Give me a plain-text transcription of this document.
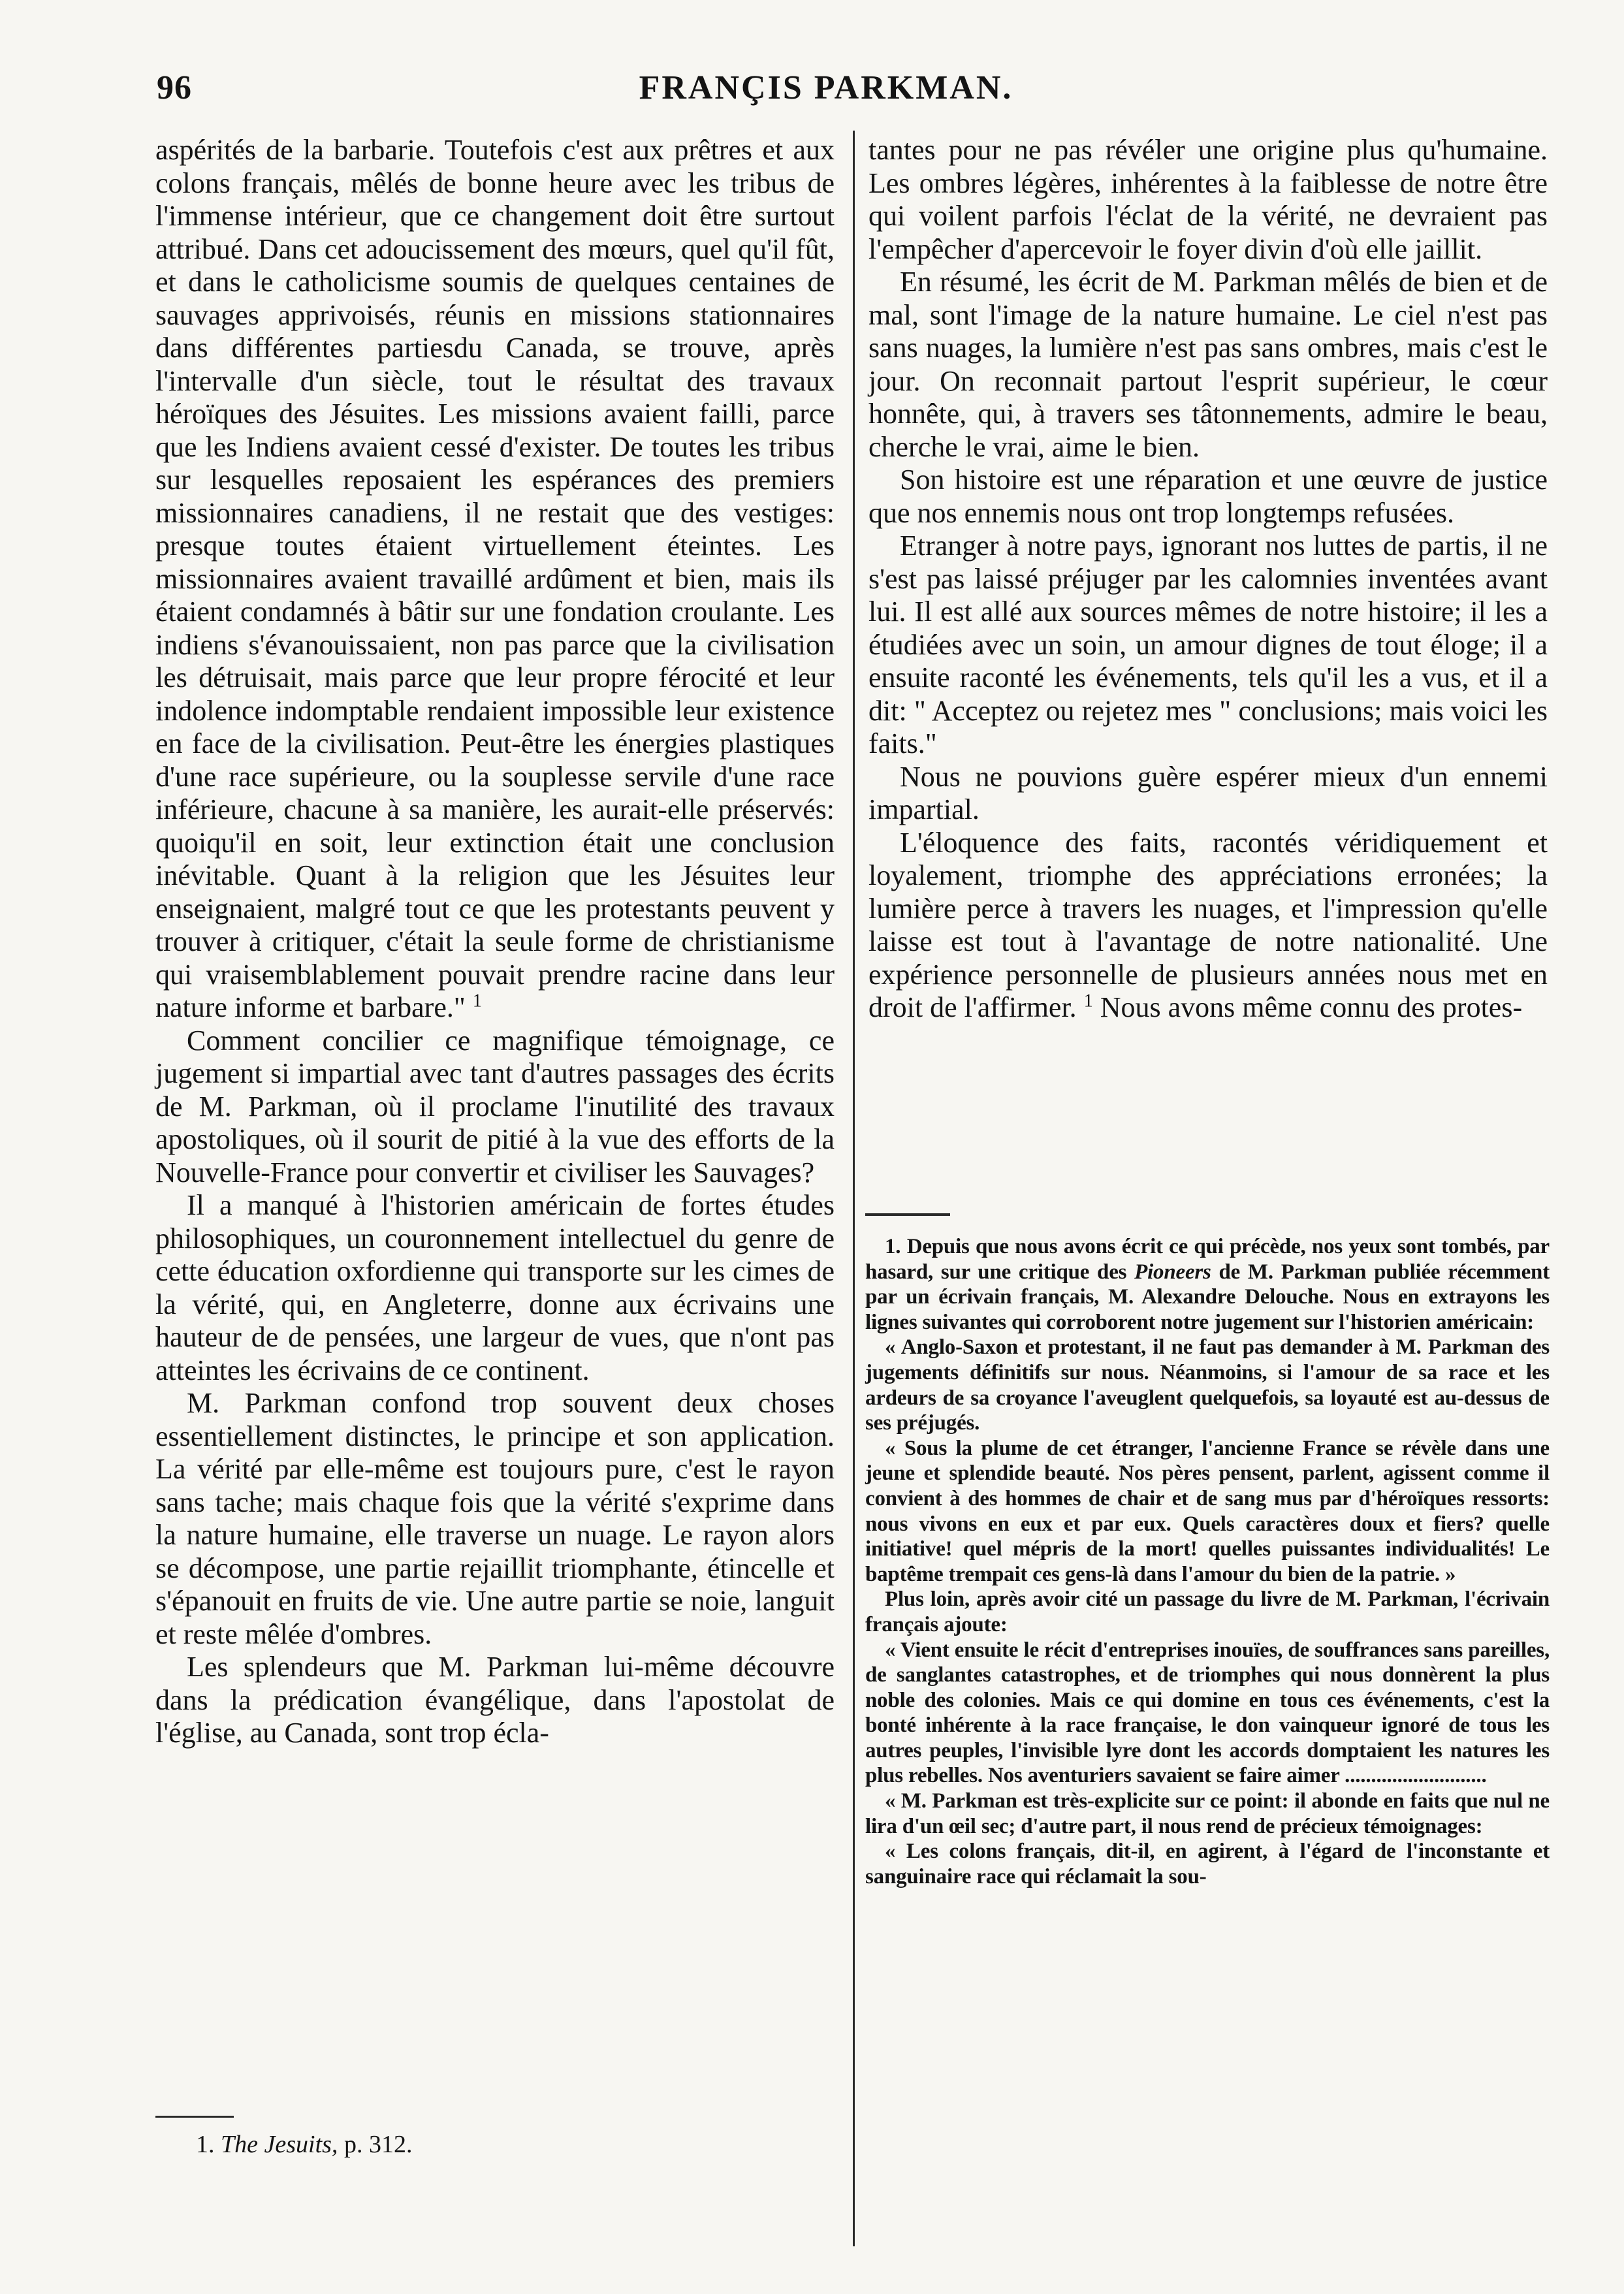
96	FRANÇIS PARKMAN.

aspérités de la barbarie. Toutefois c'est aux prêtres et aux colons français, mêlés de bonne heure avec les tribus de l'immense intérieur, que ce changement doit être surtout attribué. Dans cet adoucissement des mœurs, quel qu'il fût, et dans le catholicisme soumis de quelques centaines de sauvages apprivoisés, réunis en missions stationnaires dans différentes partiesdu Canada, se trouve, après l'intervalle d'un siècle, tout le résultat des travaux héroïques des Jésuites. Les missions avaient failli, parce que les Indiens avaient cessé d'exister. De toutes les tribus sur lesquelles reposaient les espérances des premiers missionnaires canadiens, il ne restait que des vestiges: presque toutes étaient virtuellement éteintes. Les missionnaires avaient travaillé ardûment et bien, mais ils étaient condamnés à bâtir sur une fondation croulante. Les indiens s'évanouissaient, non pas parce que la civilisation les détruisait, mais parce que leur propre férocité et leur indolence indomptable rendaient impossible leur existence en face de la civilisation. Peut-être les énergies plastiques d'une race supérieure, ou la souplesse servile d'une race inférieure, chacune à sa manière, les aurait-elle préservés: quoiqu'il en soit, leur extinction était une conclusion inévitable. Quant à la religion que les Jésuites leur enseignaient, malgré tout ce que les protestants peuvent y trouver à critiquer, c'était la seule forme de christianisme qui vraisemblablement pouvait prendre racine dans leur nature informe et barbare." $^1$

Comment concilier ce magnifique témoignage, ce jugement si impartial avec tant d'autres passages des écrits de M. Parkman, où il proclame l'inutilité des travaux apostoliques, où il sourit de pitié à la vue des efforts de la Nouvelle-France pour convertir et civiliser les Sauvages?

Il a manqué à l'historien américain de fortes études philosophiques, un couronnement intellectuel du genre de cette éducation oxfordienne qui transporte sur les cimes de la vérité, qui, en Angleterre, donne aux écrivains une hauteur de de pensées, une largeur de vues, que n'ont pas atteintes les écrivains de ce continent.

M. Parkman confond trop souvent deux choses essentiellement distinctes, le principe et son application. La vérité par elle-même est toujours pure, c'est le rayon sans tache; mais chaque fois que la vérité s'exprime dans la nature humaine, elle traverse un nuage. Le rayon alors se décompose, une partie rejaillit triomphante, étincelle et s'épanouit en fruits de vie. Une autre partie se noie, languit et reste mêlée d'ombres.

Les splendeurs que M. Parkman lui-même découvre dans la prédication évangélique, dans l'apostolat de l'église, au Canada, sont trop écla-

1. The Jesuits, p. 312.

tantes pour ne pas révéler une origine plus qu'humaine. Les ombres légères, inhérentes à la faiblesse de notre être qui voilent parfois l'éclat de la vérité, ne devraient pas l'empêcher d'apercevoir le foyer divin d'où elle jaillit.

En résumé, les écrit de M. Parkman mêlés de bien et de mal, sont l'image de la nature humaine. Le ciel n'est pas sans nuages, la lumière n'est pas sans ombres, mais c'est le jour. On reconnait partout l'esprit supérieur, le cœur honnête, qui, à travers ses tâtonnements, admire le beau, cherche le vrai, aime le bien.

Son histoire est une réparation et une œuvre de justice que nos ennemis nous ont trop longtemps refusées.

Etranger à notre pays, ignorant nos luttes de partis, il ne s'est pas laissé préjuger par les calomnies inventées avant lui. Il est allé aux sources mêmes de notre histoire; il les a étudiées avec un soin, un amour dignes de tout éloge; il a ensuite raconté les événements, tels qu'il les a vus, et il a dit: " Acceptez ou rejetez mes " conclusions; mais voici les faits."

Nous ne pouvions guère espérer mieux d'un ennemi impartial.

L'éloquence des faits, racontés véridiquement et loyalement, triomphe des appréciations erronées; la lumière perce à travers les nuages, et l'impression qu'elle laisse est tout à l'avantage de notre nationalité. Une expérience personnelle de plusieurs années nous met en droit de l'affirmer. $^1$ Nous avons même connu des protes-

1. Depuis que nous avons écrit ce qui précède, nos yeux sont tombés, par hasard, sur une critique des Pioneers de M. Parkman publiée récemment par un écrivain français, M. Alexandre Delouche. Nous en extrayons les lignes suivantes qui corroborent notre jugement sur l'historien américain:

« Anglo-Saxon et protestant, il ne faut pas demander à M. Parkman des jugements définitifs sur nous. Néanmoins, si l'amour de sa race et les ardeurs de sa croyance l'aveuglent quelquefois, sa loyauté est au-dessus de ses préjugés.

« Sous la plume de cet étranger, l'ancienne France se révèle dans une jeune et splendide beauté. Nos pères pensent, parlent, agissent comme il convient à des hommes de chair et de sang mus par d'héroïques ressorts: nous vivons en eux et par eux. Quels caractères doux et fiers? quelle initiative! quel mépris de la mort! quelles puissantes individualités! Le baptême trempait ces gens-là dans l'amour du bien de la patrie. »

Plus loin, après avoir cité un passage du livre de M. Parkman, l'écrivain français ajoute:

« Vient ensuite le récit d'entreprises inouïes, de souffrances sans pareilles, de sanglantes catastrophes, et de triomphes qui nous donnèrent la plus noble des colonies. Mais ce qui domine en tous ces événements, c'est la bonté inhérente à la race française, le don vainqueur ignoré de tous les autres peuples, l'invisible lyre dont les accords domptaient les natures les plus rebelles. Nos aventuriers savaient se faire aimer ...........................

« M. Parkman est très-explicite sur ce point: il abonde en faits que nul ne lira d'un œil sec; d'autre part, il nous rend de précieux témoignages:

« Les colons français, dit-il, en agirent, à l'égard de l'inconstante et sanguinaire race qui réclamait la sou-
